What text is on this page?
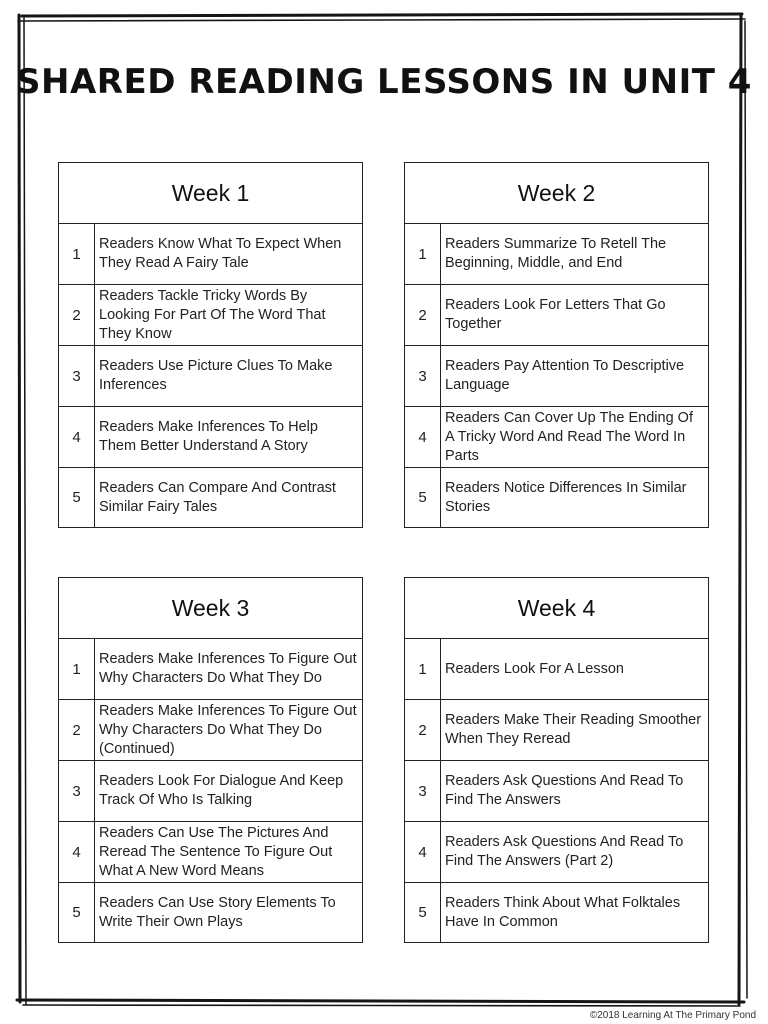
SHARED READING LESSONS IN UNIT 4
Week 1
1
Readers Know What To Expect When They Read A Fairy Tale
2
Readers Tackle Tricky Words By Looking For Part Of The Word That They Know
3
Readers Use Picture Clues To Make Inferences
4
Readers Make Inferences To Help Them Better Understand A Story
5
Readers Can Compare And Contrast Similar Fairy Tales
Week 2
1
Readers Summarize To Retell The Beginning, Middle, and End
2
Readers Look For Letters That Go Together
3
Readers Pay Attention To Descriptive Language
4
Readers Can Cover Up The Ending Of A Tricky Word And Read The Word In Parts
5
Readers Notice Differences In Similar Stories
Week 3
1
Readers Make Inferences To Figure Out Why Characters Do What They Do
2
Readers Make Inferences To Figure Out Why Characters Do What They Do (Continued)
3
Readers Look For Dialogue And Keep Track Of Who Is Talking
4
Readers Can Use The Pictures And Reread The Sentence To Figure Out What A New Word Means
5
Readers Can Use Story Elements To Write Their Own Plays
Week 4
1	Readers Look For A Lesson
2
Readers Make Their Reading Smoother When They Reread
3
Readers Ask Questions And Read To Find The Answers
4
Readers Ask Questions And Read To Find The Answers (Part 2)
5
Readers Think About What Folktales Have In Common
©2018 Learning At The Primary Pond
